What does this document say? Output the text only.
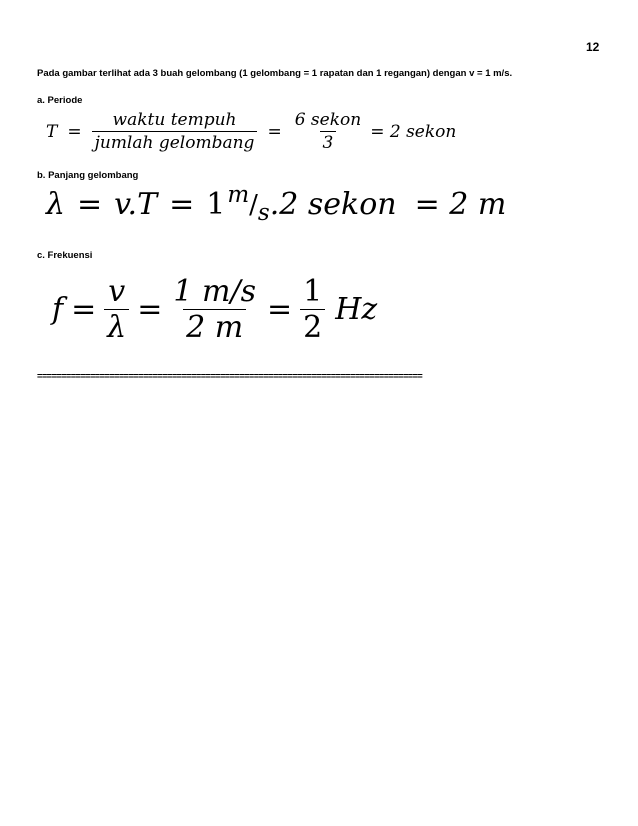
12
Pada gambar terlihat ada 3 buah gelombang (1 gelombang = 1 rapatan dan 1 regangan) dengan v = 1 m/s.
a. Periode
$T = \frac{\text{waktu tempuh}}{\text{jumlah gelombang}} = \frac{\text{6 sekon}}{3} = 2$ sekon
b. Panjang gelombang
λ = v.T = 1 m / s .2 sekon = 2 m
c. Frekuensi
$f = \frac{v}{\lambda} = \frac{1 m/s}{2 m} = \frac{1}{2}$ Hz
================================================================================
